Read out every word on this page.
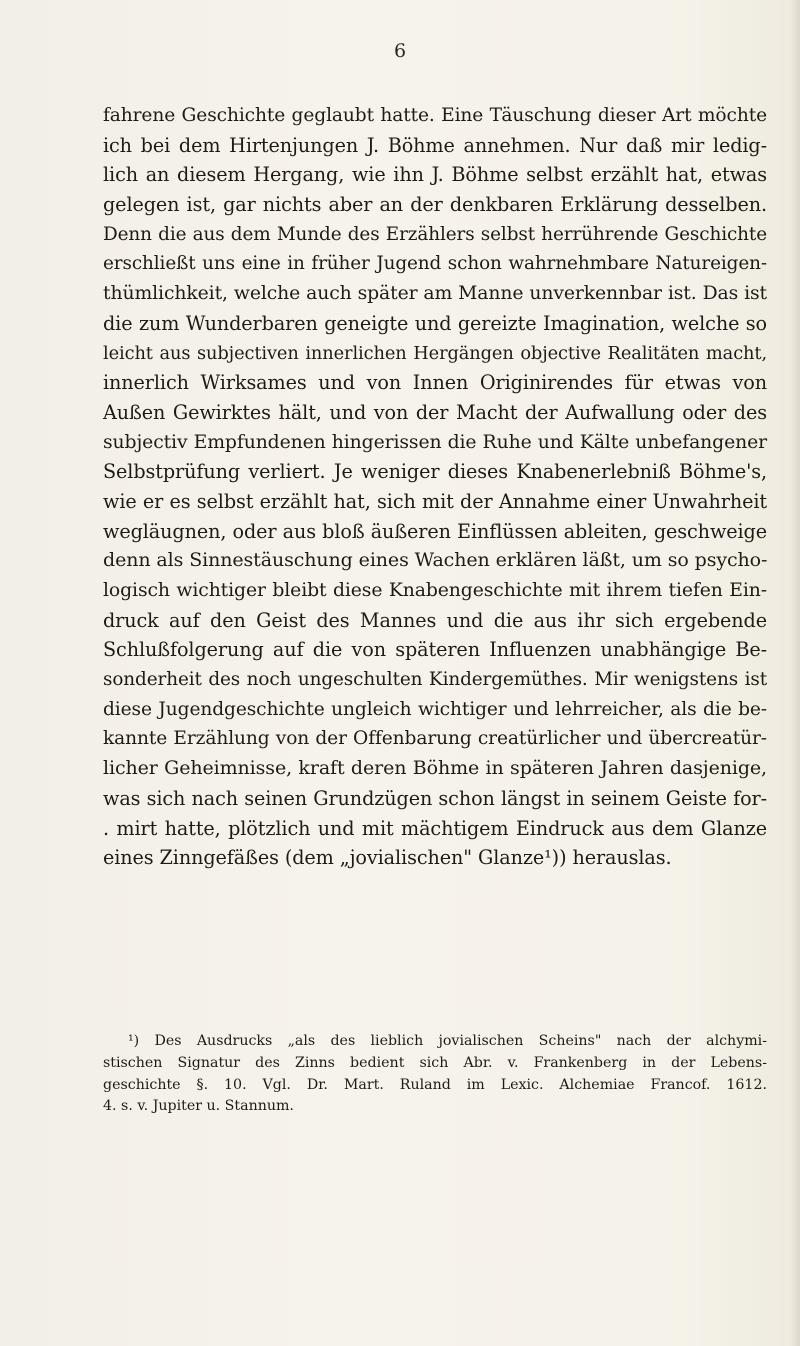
6
fahrene Geschichte geglaubt hatte. Eine Täuschung dieser Art möchte
ich bei dem Hirtenjungen J. Böhme annehmen. Nur daß mir ledig-
lich an diesem Hergang, wie ihn J. Böhme selbst erzählt hat, etwas
gelegen ist, gar nichts aber an der denkbaren Erklärung desselben.
Denn die aus dem Munde des Erzählers selbst herrührende Geschichte
erschließt uns eine in früher Jugend schon wahrnehmbare Natureigen-
thümlichkeit, welche auch später am Manne unverkennbar ist. Das ist
die zum Wunderbaren geneigte und gereizte Imagination, welche so
leicht aus subjectiven innerlichen Hergängen objective Realitäten macht,
innerlich Wirksames und von Innen Originirendes für etwas von
Außen Gewirktes hält, und von der Macht der Aufwallung oder des
subjectiv Empfundenen hingerissen die Ruhe und Kälte unbefangener
Selbstprüfung verliert. Je weniger dieses Knabenerlebniß Böhme's,
wie er es selbst erzählt hat, sich mit der Annahme einer Unwahrheit
wegläugnen, oder aus bloß äußeren Einflüssen ableiten, geschweige
denn als Sinnestäuschung eines Wachen erklären läßt, um so psycho-
logisch wichtiger bleibt diese Knabengeschichte mit ihrem tiefen Ein-
druck auf den Geist des Mannes und die aus ihr sich ergebende
Schlußfolgerung auf die von späteren Influenzen unabhängige Be-
sonderheit des noch ungeschulten Kindergemüthes. Mir wenigstens ist
diese Jugendgeschichte ungleich wichtiger und lehrreicher, als die be-
kannte Erzählung von der Offenbarung creatürlicher und übercreatür-
licher Geheimnisse, kraft deren Böhme in späteren Jahren dasjenige,
was sich nach seinen Grundzügen schon längst in seinem Geiste for-
. mirt hatte, plötzlich und mit mächtigem Eindruck aus dem Glanze
eines Zinngefäßes (dem „jovialischen" Glanze¹)) herauslas.
¹) Des Ausdrucks „als des lieblich jovialischen Scheins" nach der alchymi-
stischen Signatur des Zinns bedient sich Abr. v. Frankenberg in der Lebens-
geschichte §. 10. Vgl. Dr. Mart. Ruland im Lexic. Alchemiae Francof. 1612.
4. s. v. Jupiter u. Stannum.
